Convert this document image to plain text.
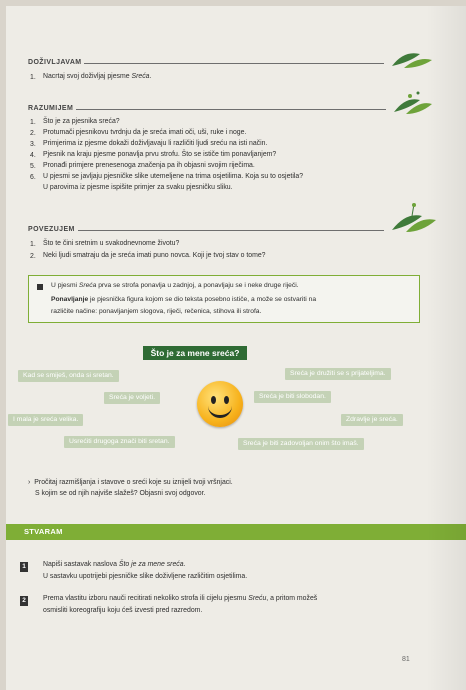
DOŽIVLJAVAM
1. Nacrtaj svoj doživljaj pjesme Sreća.
RAZUMIJEM
1. Što je za pjesnika sreća?
2. Protumači pjesnikovu tvrdnju da je sreća imati oči, uši, ruke i noge.
3. Primjerima iz pjesme dokaži doživljavaju li različiti ljudi sreću na isti način.
4. Pjesnik na kraju pjesme ponavlja prvu strofu. Što se ističe tim ponavljanjem?
5. Pronađi primjere prenesenoga značenja pa ih objasni svojim riječima.
6. U pjesmi se javljaju pjesničke slike utemeljene na trima osjetilima. Koja su to osjetila?
U parovima iz pjesme ispišite primjer za svaku pjesničku sliku.
POVEZUJEM
1. Što te čini sretnim u svakodnevnome životu?
2. Neki ljudi smatraju da je sreća imati puno novca. Koji je tvoj stav o tome?
U pjesmi Sreća prva se strofa ponavlja u zadnjoj, a ponavljaju se i neke druge riječi.
Ponavljanje je pjesnička figura kojom se dio teksta posebno ističe, a može se ostvariti na
različite načine: ponavljanjem slogova, riječi, rečenica, stihova ili strofa.
Što je za mene sreća?
Kad se smiješ, onda si sretan.	Sreća je družiti se s prijateljima.
Sreća je voljeti.	Sreća je biti slobodan.
I mala je sreća velika.	Zdravlje je sreća.
Usrećiti drugoga znači biti sretan.	Sreća je biti zadovoljan onim što imaš.
› Pročitaj razmišljanja i stavove o sreći koje su iznijeli tvoji vršnjaci.
S kojim se od njih najviše slažeš? Objasni svoj odgovor.
STVARAM
1	Napiši sastavak naslova Što je za mene sreća.
U sastavku upotrijebi pjesničke slike doživljene različitim osjetilima.
2	Prema vlastitu izboru nauči recitirati nekoliko strofa ili cijelu pjesmu Sreću, a pritom možeš
osmisliti koreografiju koju ćeš izvesti pred razredom.
81
